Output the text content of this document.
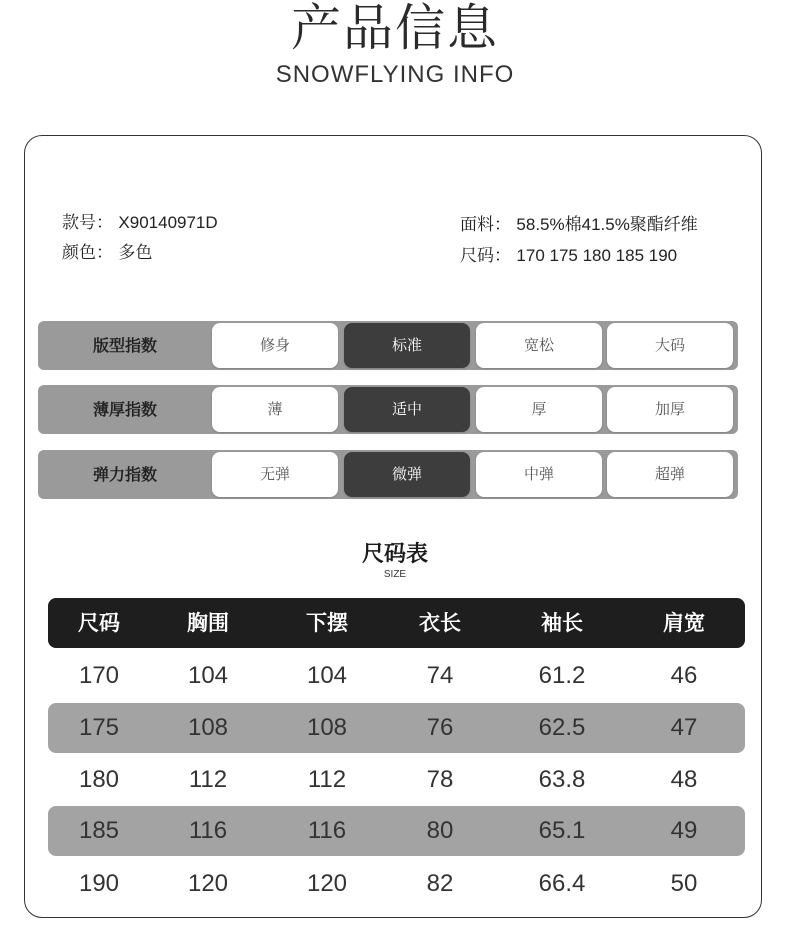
产品信息
SNOWFLYING INFO
款号： X90140971D
颜色： 多色
面料： 58.5%棉41.5%聚酯纤维
尺码： 170 175 180 185 190
版型指数	修身	标准	宽松	大码
薄厚指数	薄	适中	厚	加厚
弹力指数	无弹	微弹	中弹	超弹
尺码表
SIZE
尺码	胸围	下摆	衣长	袖长	肩宽
170	104	104	74	61.2	46
175	108	108	76	62.5	47
180	112	112	78	63.8	48
185	116	116	80	65.1	49
190	120	120	82	66.4	50
